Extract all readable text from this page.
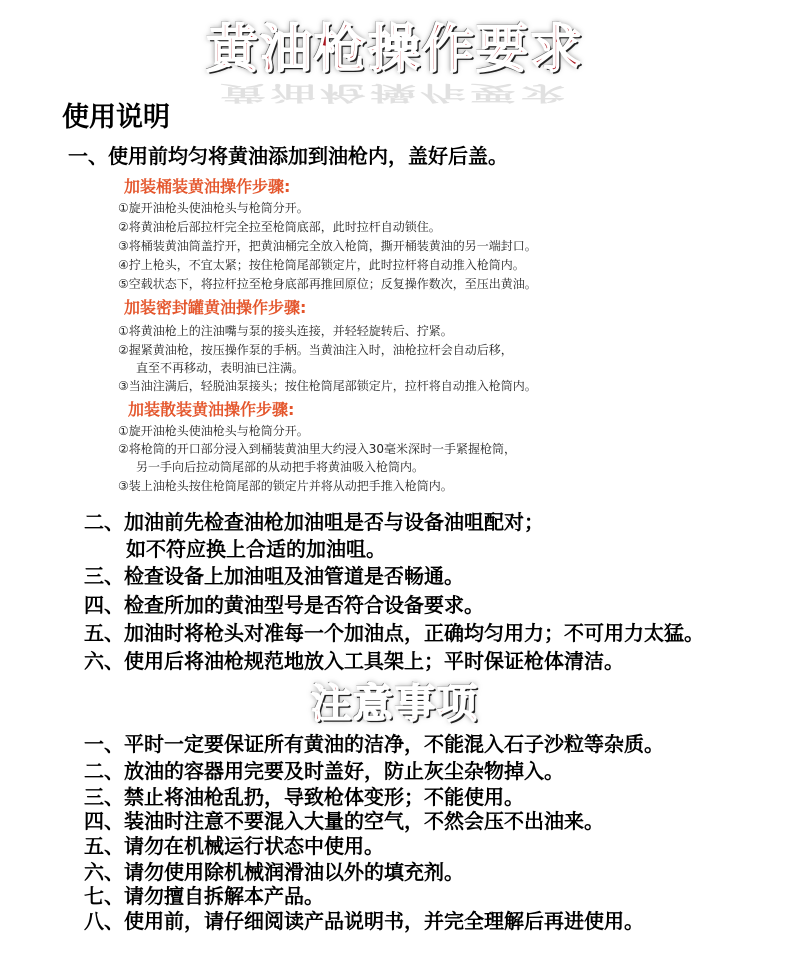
黄油枪操作要求
黄油枪操作要求
使用说明
一、使用前均匀将黄油添加到油枪内，盖好后盖。
加装桶装黄油操作步骤:
①旋开油枪头使油枪头与枪筒分开。
②将黄油枪后部拉杆完全拉至枪筒底部，此时拉杆自动锁住。
③将桶装黄油筒盖拧开，把黄油桶完全放入枪筒，撕开桶装黄油的另一端封口。
④拧上枪头，不宜太紧；按住枪筒尾部锁定片，此时拉杆将自动推入枪筒内。
⑤空载状态下，将拉杆拉至枪身底部再推回原位；反复操作数次，至压出黄油。
加装密封罐黄油操作步骤:
①将黄油枪上的注油嘴与泵的接头连接，并轻轻旋转后、拧紧。
②握紧黄油枪，按压操作泵的手柄。当黄油注入时，油枪拉杆会自动后移，
直至不再移动，表明油已注满。
③当油注满后，轻脱油泵接头；按住枪筒尾部锁定片，拉杆将自动推入枪筒内。
加装散装黄油操作步骤:
①旋开油枪头使油枪头与枪筒分开。
②将枪筒的开口部分浸入到桶装黄油里大约浸入30毫米深时一手紧握枪筒，
另一手向后拉动筒尾部的从动把手将黄油吸入枪筒内。
③装上油枪头按住枪筒尾部的锁定片并将从动把手推入枪筒内。
二、加油前先检查油枪加油咀是否与设备油咀配对；
如不符应换上合适的加油咀。
三、检查设备上加油咀及油管道是否畅通。
四、检查所加的黄油型号是否符合设备要求。
五、加油时将枪头对准每一个加油点，正确均匀用力；不可用力太猛。
六、使用后将油枪规范地放入工具架上；平时保证枪体清洁。
注意事项
一、平时一定要保证所有黄油的洁净，不能混入石子沙粒等杂质。
二、放油的容器用完要及时盖好，防止灰尘杂物掉入。
三、禁止将油枪乱扔，导致枪体变形；不能使用。
四、装油时注意不要混入大量的空气，不然会压不出油来。
五、请勿在机械运行状态中使用。
六、请勿使用除机械润滑油以外的填充剂。
七、请勿擅自拆解本产品。
八、使用前，请仔细阅读产品说明书，并完全理解后再进使用。
